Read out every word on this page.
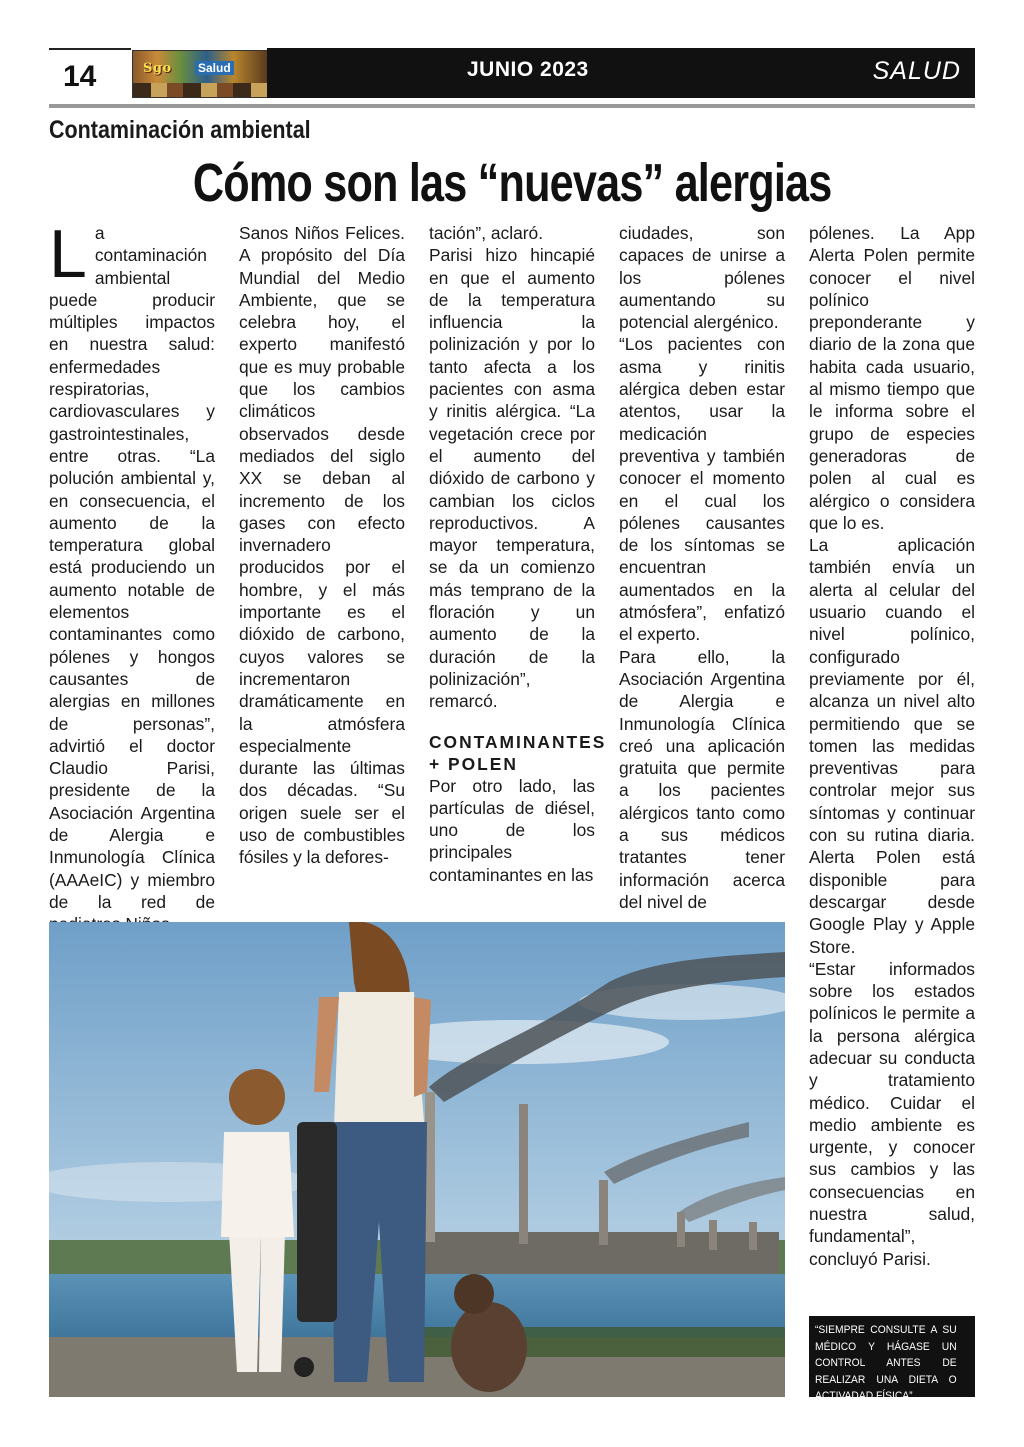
14	Sgo Salud	JUNIO 2023	SALUD
Contaminación ambiental
Cómo son las “nuevas” alergias

La contaminación ambiental puede producir múltiples impactos en nuestra salud: enfermedades respiratorias, cardiovasculares y gastrointestinales, entre otras. “La polución ambiental y, en consecuencia, el aumento de la temperatura global está produciendo un aumento notable de elementos contaminantes como pólenes y hongos causantes de alergias en millones de personas”, advirtió el doctor Claudio Parisi, presidente de la Asociación Argentina de Alergia e Inmunología Clínica (AAAeIC) y miembro de la red de

Sanos Niños Felices. A propósito del Día Mundial del Medio Ambiente, que se celebra hoy, el experto manifestó que es muy probable que los cambios climáticos observados desde mediados del siglo XX se deban al incremento de los gases con efecto invernadero producidos por el hombre, y el más importante es el dióxido de carbono, cuyos valores se incrementaron dramáticamente en la atmósfera especialmente durante las últimas dos décadas. “Su origen suele ser el uso de combustibles fósiles y la defores-

tación”, aclaró.

Parisi hizo hincapié en que el aumento de la temperatura influencia la polinización y por lo tanto afecta a los pacientes con asma y rinitis alérgica. “La vegetación crece por el aumento del dióxido de carbono y cambian los ciclos reproductivos. A mayor temperatura, se da un comienzo más temprano de la floración y un aumento de la duración de la polinización”, remarcó.

CONTAMINANTES + POLEN

Por otro lado, las partículas de diésel, uno de los principales contaminantes en las

ciudades, son capaces de unirse a los pólenes aumentando su potencial alergénico.

“Los pacientes con asma y rinitis alérgica deben estar atentos, usar la medicación preventiva y también conocer el momento en el cual los pólenes causantes de los síntomas se encuentran aumentados en la atmósfera”, enfatizó el experto.

Para ello, la Asociación Argentina de Alergia e Inmunología Clínica creó una aplicación gratuita que permite a los pacientes alérgicos tanto como a sus médicos tratantes tener información acerca del nivel de

pólenes. La App Alerta Polen permite conocer el nivel polínico preponderante y diario de la zona que habita cada usuario, al mismo tiempo que le informa sobre el grupo de especies generadoras de polen al cual es alérgico o considera que lo es.

La aplicación también envía un alerta al celular del usuario cuando el nivel polínico, configurado previamente por él, alcanza un nivel alto permitiendo que se tomen las medidas preventivas para controlar mejor sus síntomas y continuar con su rutina diaria. Alerta Polen está disponible para descargar desde Google Play y Apple Store.

“Estar informados sobre los estados polínicos le permite a la persona alérgica adecuar su conducta y tratamiento médico. Cuidar el medio ambiente es urgente, y conocer sus cambios y las consecuencias en nuestra salud, fundamental”, concluyó Parisi.

“SIEMPRE CONSULTE A SU MÉDICO Y HÁGASE UN CONTROL ANTES DE REALIZAR UNA DIETA O ACTIVADAD FÍSICA”
